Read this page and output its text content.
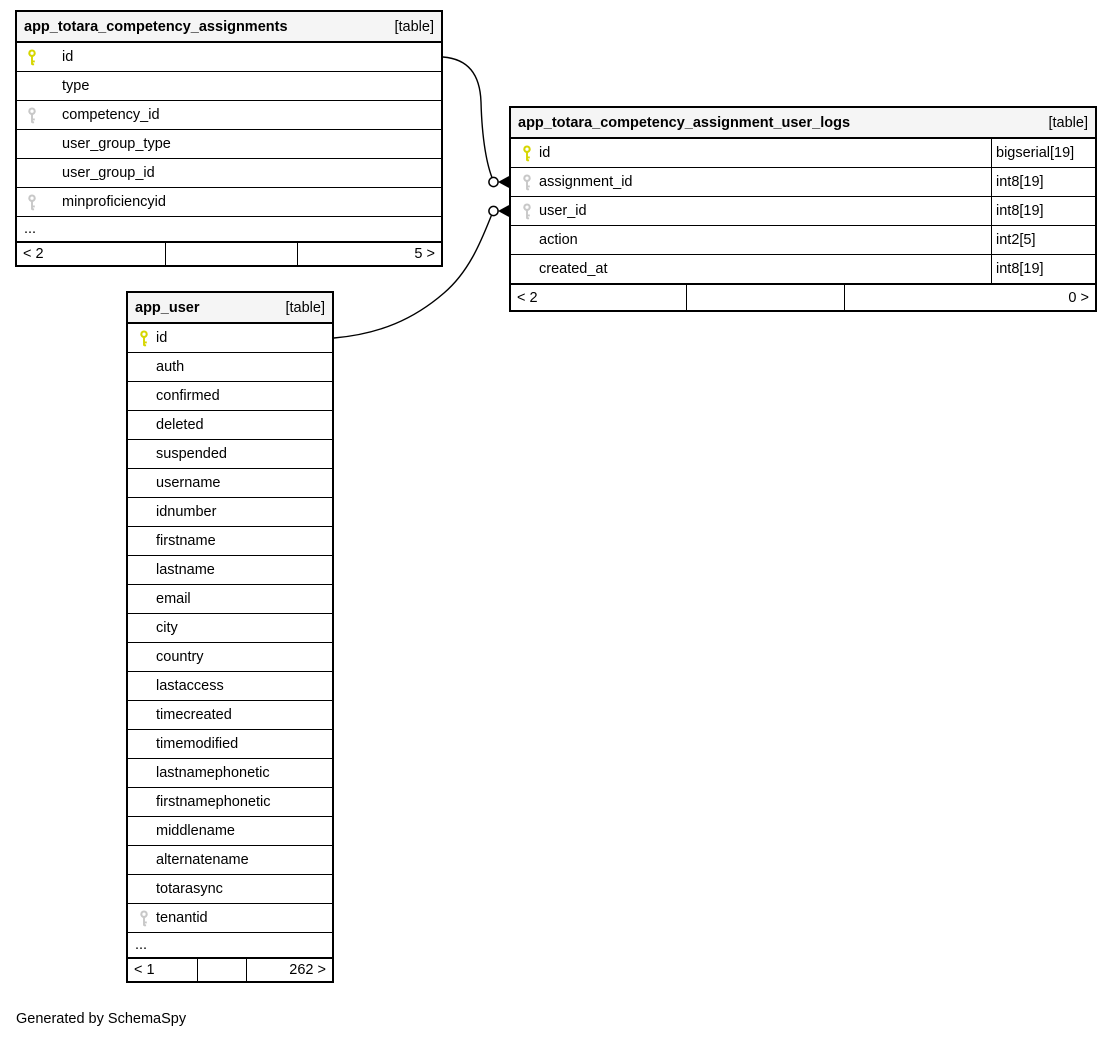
app_totara_competency_assignments	[table]
id
type
competency_id
user_group_type
user_group_id
minproficiencyid
...
< 2	5 >
app_totara_competency_assignment_user_logs	[table]
id	bigserial[19]
assignment_id	int8[19]
user_id	int8[19]
action	int2[5]
created_at	int8[19]
< 2	0 >
app_user	[table]
id
auth
confirmed
deleted
suspended
username
idnumber
firstname
lastname
email
city
country
lastaccess
timecreated
timemodified
lastnamephonetic
firstnamephonetic
middlename
alternatename
totarasync
tenantid
...
< 1	262 >
Generated by SchemaSpy
